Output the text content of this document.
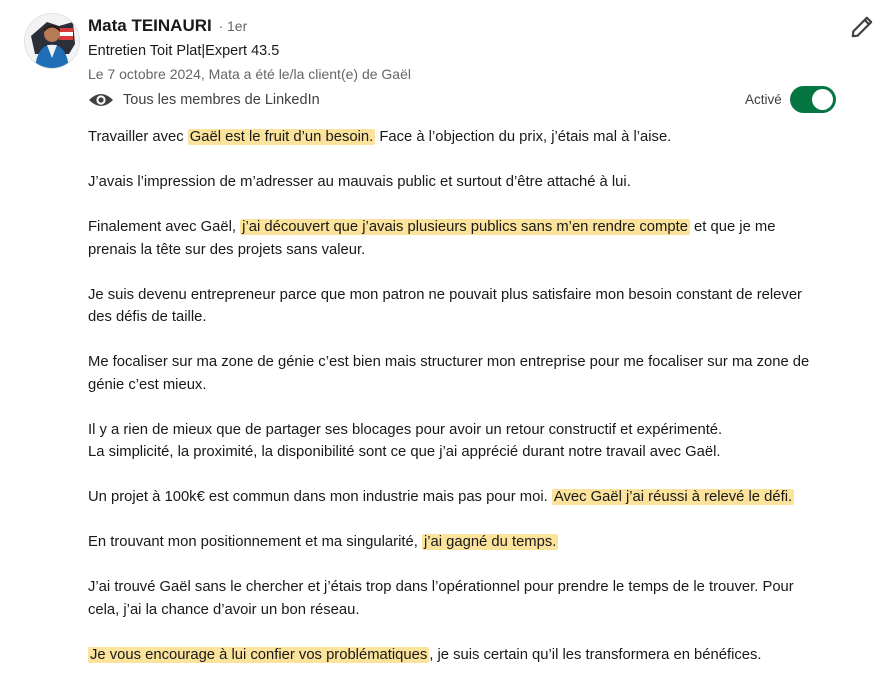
Mata TEINAURI · 1er
Entretien Toit Plat|Expert 43.5
Le 7 octobre 2024, Mata a été le/la client(e) de Gaël
Tous les membres de LinkedIn	Activé

Travailler avec Gaël est le fruit d’un besoin. Face à l’objection du prix, j’étais mal à l’aise.

J’avais l’impression de m’adresser au mauvais public et surtout d’être attaché à lui.

Finalement avec Gaël, j’ai découvert que j’avais plusieurs publics sans m’en rendre compte et que je me prenais la tête sur des projets sans valeur.

Je suis devenu entrepreneur parce que mon patron ne pouvait plus satisfaire mon besoin constant de relever des défis de taille.

Me focaliser sur ma zone de génie c’est bien mais structurer mon entreprise pour me focaliser sur ma zone de génie c’est mieux.

Il y a rien de mieux que de partager ses blocages pour avoir un retour constructif et expérimenté.
La simplicité, la proximité, la disponibilité sont ce que j’ai apprécié durant notre travail avec Gaël.

Un projet à 100k€ est commun dans mon industrie mais pas pour moi. Avec Gaël j’ai réussi à relevé le défi.

En trouvant mon positionnement et ma singularité, j’ai gagné du temps.

J’ai trouvé Gaël sans le chercher et j’étais trop dans l’opérationnel pour prendre le temps de le trouver. Pour cela, j’ai la chance d’avoir un bon réseau.

Je vous encourage à lui confier vos problématiques , je suis certain qu’il les transformera en bénéfices.
